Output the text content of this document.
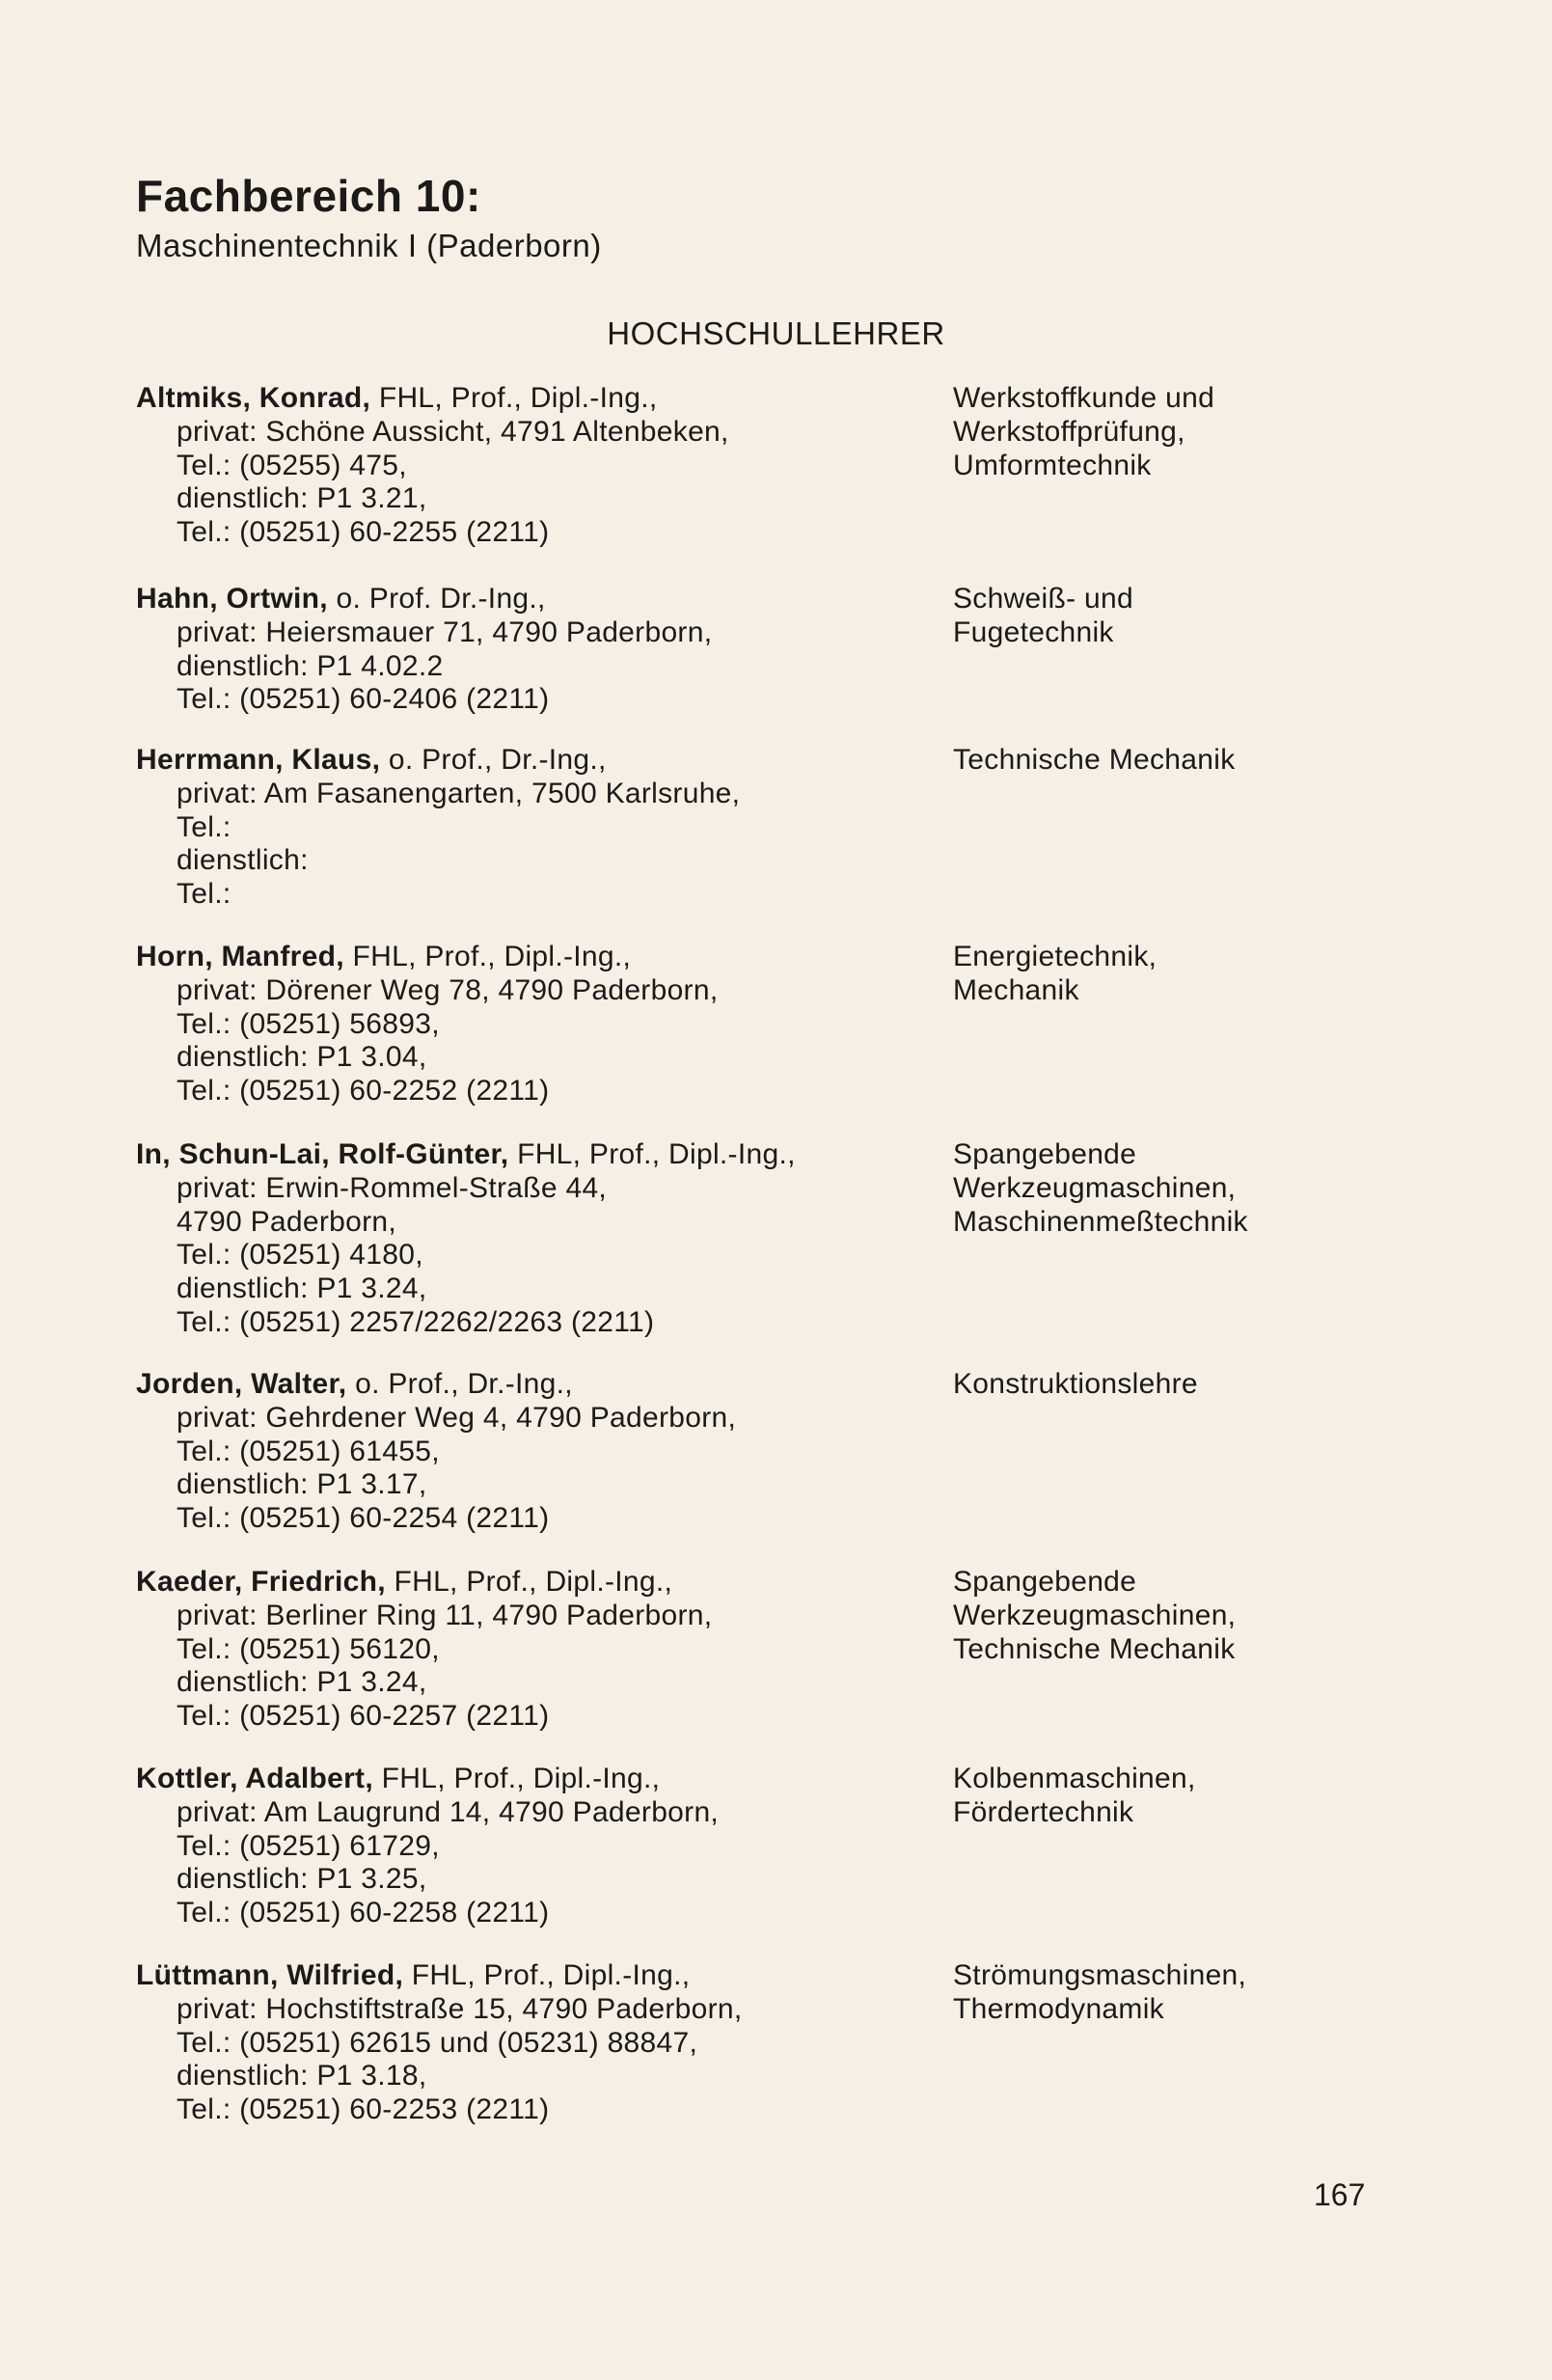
Fachbereich 10:
Maschinentechnik I (Paderborn)
HOCHSCHULLEHRER
Altmiks, Konrad, FHL, Prof., Dipl.-Ing.,
privat: Schöne Aussicht, 4791 Altenbeken,
Tel.: (05255) 475,
dienstlich: P1 3.21,
Tel.: (05251) 60-2255 (2211)
Werkstoffkunde und
Werkstoffprüfung,
Umformtechnik
Hahn, Ortwin, o. Prof. Dr.-Ing.,
privat: Heiersmauer 71, 4790 Paderborn,
dienstlich: P1 4.02.2
Tel.: (05251) 60-2406 (2211)
Schweiß- und
Fugetechnik
Herrmann, Klaus, o. Prof., Dr.-Ing.,
privat: Am Fasanengarten, 7500 Karlsruhe,
Tel.:
dienstlich:
Tel.:
Technische Mechanik
Horn, Manfred, FHL, Prof., Dipl.-Ing.,
privat: Dörener Weg 78, 4790 Paderborn,
Tel.: (05251) 56893,
dienstlich: P1 3.04,
Tel.: (05251) 60-2252 (2211)
Energietechnik,
Mechanik
In, Schun-Lai, Rolf-Günter, FHL, Prof., Dipl.-Ing.,
privat: Erwin-Rommel-Straße 44,
4790 Paderborn,
Tel.: (05251) 4180,
dienstlich: P1 3.24,
Tel.: (05251) 2257/2262/2263 (2211)
Spangebende
Werkzeugmaschinen,
Maschinenmeßtechnik
Jorden, Walter, o. Prof., Dr.-Ing.,
privat: Gehrdener Weg 4, 4790 Paderborn,
Tel.: (05251) 61455,
dienstlich: P1 3.17,
Tel.: (05251) 60-2254 (2211)
Konstruktionslehre
Kaeder, Friedrich, FHL, Prof., Dipl.-Ing.,
privat: Berliner Ring 11, 4790 Paderborn,
Tel.: (05251) 56120,
dienstlich: P1 3.24,
Tel.: (05251) 60-2257 (2211)
Spangebende
Werkzeugmaschinen,
Technische Mechanik
Kottler, Adalbert, FHL, Prof., Dipl.-Ing.,
privat: Am Laugrund 14, 4790 Paderborn,
Tel.: (05251) 61729,
dienstlich: P1 3.25,
Tel.: (05251) 60-2258 (2211)
Kolbenmaschinen,
Fördertechnik
Lüttmann, Wilfried, FHL, Prof., Dipl.-Ing.,
privat: Hochstiftstraße 15, 4790 Paderborn,
Tel.: (05251) 62615 und (05231) 88847,
dienstlich: P1 3.18,
Tel.: (05251) 60-2253 (2211)
Strömungsmaschinen,
Thermodynamik
167
